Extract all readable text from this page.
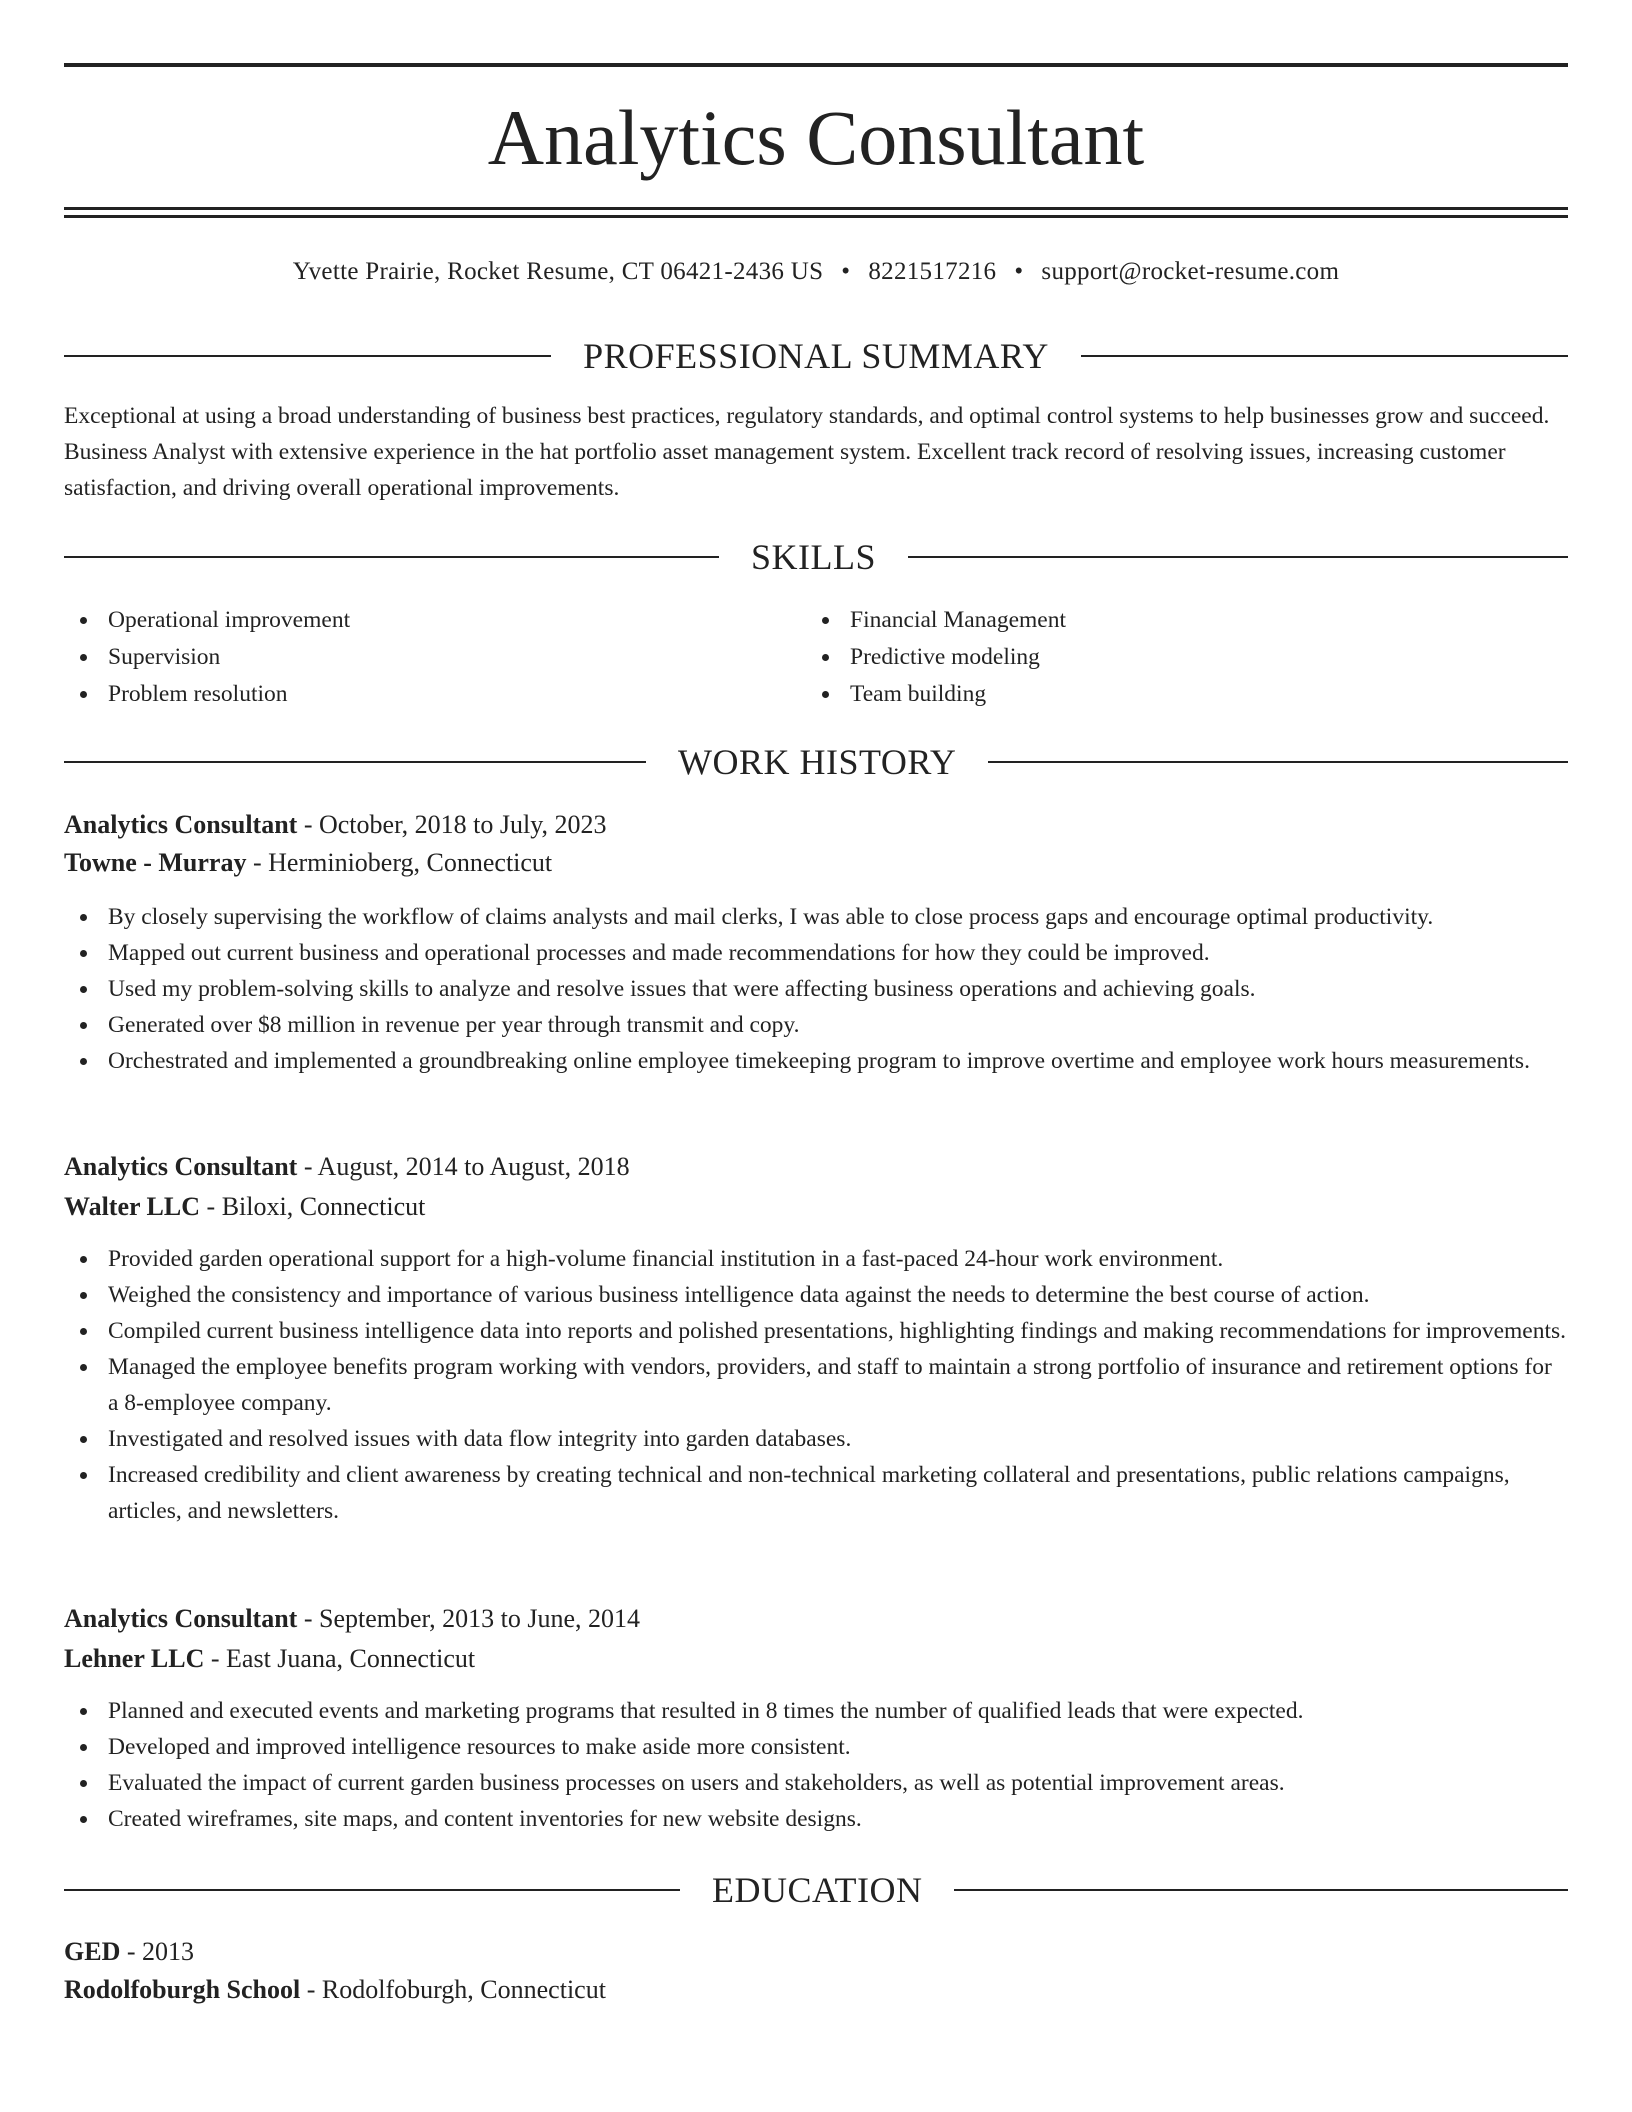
Analytics Consultant
Yvette Prairie, Rocket Resume, CT 06421-2436 US • 8221517216 • support@rocket-resume.com
PROFESSIONAL SUMMARY

Exceptional at using a broad understanding of business best practices, regulatory standards, and optimal control systems to help businesses grow and succeed. Business Analyst with extensive experience in the hat portfolio asset management system. Excellent track record of resolving issues, increasing customer satisfaction, and driving overall operational improvements.

SKILLS
Operational improvement
Supervision
Problem resolution
Financial Management
Predictive modeling
Team building
WORK HISTORY
Analytics Consultant - October, 2018 to July, 2023
Towne - Murray - Herminioberg, Connecticut
By closely supervising the workflow of claims analysts and mail clerks, I was able to close process gaps and encourage optimal productivity.
Mapped out current business and operational processes and made recommendations for how they could be improved.
Used my problem-solving skills to analyze and resolve issues that were affecting business operations and achieving goals.
Generated over $8 million in revenue per year through transmit and copy.
Orchestrated and implemented a groundbreaking online employee timekeeping program to improve overtime and employee work hours measurements.
Analytics Consultant - August, 2014 to August, 2018
Walter LLC - Biloxi, Connecticut
Provided garden operational support for a high-volume financial institution in a fast-paced 24-hour work environment.
Weighed the consistency and importance of various business intelligence data against the needs to determine the best course of action.
Compiled current business intelligence data into reports and polished presentations, highlighting findings and making recommendations for improvements.
Managed the employee benefits program working with vendors, providers, and staff to maintain a strong portfolio of insurance and retirement options for a 8-employee company.
Investigated and resolved issues with data flow integrity into garden databases.
Increased credibility and client awareness by creating technical and non-technical marketing collateral and presentations, public relations campaigns, articles, and newsletters.
Analytics Consultant - September, 2013 to June, 2014
Lehner LLC - East Juana, Connecticut
Planned and executed events and marketing programs that resulted in 8 times the number of qualified leads that were expected.
Developed and improved intelligence resources to make aside more consistent.
Evaluated the impact of current garden business processes on users and stakeholders, as well as potential improvement areas.
Created wireframes, site maps, and content inventories for new website designs.
EDUCATION
GED - 2013
Rodolfoburgh School - Rodolfoburgh, Connecticut
